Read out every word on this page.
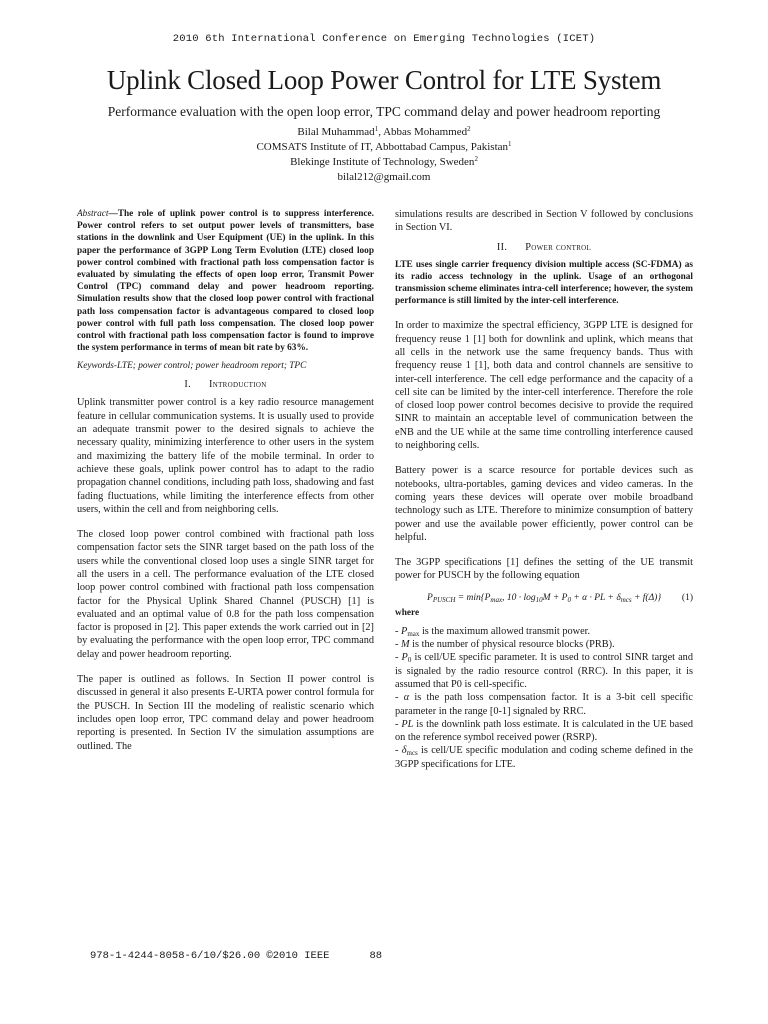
2010 6th International Conference on Emerging Technologies (ICET)
Uplink Closed Loop Power Control for LTE System
Performance evaluation with the open loop error, TPC command delay and power headroom reporting
Bilal Muhammad$^1$, Abbas Mohammed$^2$
COMSATS Institute of IT, Abbottabad Campus, Pakistan$^1$
Blekinge Institute of Technology, Sweden$^2$
bilal212@gmail.com
Abstract—The role of uplink power control is to suppress interference. Power control refers to set output power levels of transmitters, base stations in the downlink and User Equipment (UE) in the uplink. In this paper the performance of 3GPP Long Term Evolution (LTE) closed loop power control combined with fractional path loss compensation factor is evaluated by simulating the effects of open loop error, Transmit Power Control (TPC) command delay and power headroom reporting. Simulation results show that the closed loop power control with fractional path loss compensation factor is advantageous compared to closed loop power control with full path loss compensation. The closed loop power control with fractional path loss compensation factor is found to improve the system performance in terms of mean bit rate by 63%.
Keywords-LTE; power control; power headroom report; TPC
I. Introduction

Uplink transmitter power control is a key radio resource management feature in cellular communication systems. It is usually used to provide an adequate transmit power to the desired signals to achieve the necessary quality, minimizing interference to other users in the system and maximizing the battery life of the mobile terminal. In order to achieve these goals, uplink power control has to adapt to the radio propagation channel conditions, including path loss, shadowing and fast fading fluctuations, while limiting the interference effects from other users, within the cell and from neighboring cells.

The closed loop power control combined with fractional path loss compensation factor sets the SINR target based on the path loss of the users while the conventional closed loop uses a single SINR target for all the users in a cell. The performance evaluation of the LTE closed loop power control combined with fractional path loss compensation factor for the Physical Uplink Shared Channel (PUSCH) [1] is evaluated and an optimal value of 0.8 for the path loss compensation factor is proposed in [2]. This paper extends the work carried out in [2] by evaluating the performance with the open loop error, TPC command delay and power headroom reporting.

The paper is outlined as follows. In Section II power control is discussed in general it also presents E-URTA power control formula for the PUSCH. In Section III the modeling of realistic scenario which includes open loop error, TPC command delay and power headroom reporting is presented. In Section IV the simulation assumptions are outlined. The

simulations results are described in Section V followed by conclusions in Section VI.

II. Power control
LTE uses single carrier frequency division multiple access (SC-FDMA) as its radio access technology in the uplink. Usage of an orthogonal transmission scheme eliminates intra-cell interference; however, the system performance is still limited by the inter-cell interference.

In order to maximize the spectral efficiency, 3GPP LTE is designed for frequency reuse 1 [1] both for downlink and uplink, which means that all cells in the network use the same frequency bands. Thus with frequency reuse 1 [1], both data and control channels are sensitive to inter-cell interference. The cell edge performance and the capacity of a cell site can be limited by the inter-cell interference. Therefore the role of closed loop power control becomes decisive to provide the required SINR to maintain an acceptable level of communication between the eNB and the UE while at the same time controlling interference caused to neighboring cells.

Battery power is a scarce resource for portable devices such as notebooks, ultra-portables, gaming devices and video cameras. In the coming years these devices will operate over mobile broadband technology such as LTE. Therefore to minimize consumption of battery power and use the available power efficiently, power control can be helpful.

The 3GPP specifications [1] defines the setting of the UE transmit power for PUSCH by the following equation

$P_{PUSCH} = \min\{P_{max}$, $10 \cdot \log_{10}M + P_0 + \alpha$ · PL + $\delta_{mcs} + f(\Delta)$} (1)
where
- $P_{max}$ is the maximum allowed transmit power.
- M is the number of physical resource blocks (PRB).
- $P_0$ is cell/UE specific parameter. It is used to control SINR target and is signaled by the radio resource control (RRC). In this paper, it is assumed that P0 is cell-specific.
- α is the path loss compensation factor. It is a 3-bit cell specific parameter in the range [0-1] signaled by RRC.
- PL is the downlink path loss estimate. It is calculated in the UE based on the reference symbol received power (RSRP).
- $\delta_{mcs}$ is cell/UE specific modulation and coding scheme defined in the 3GPP specifications for LTE.
978-1-4244-8058-6/10/$26.00 ©2010 IEEE	88
